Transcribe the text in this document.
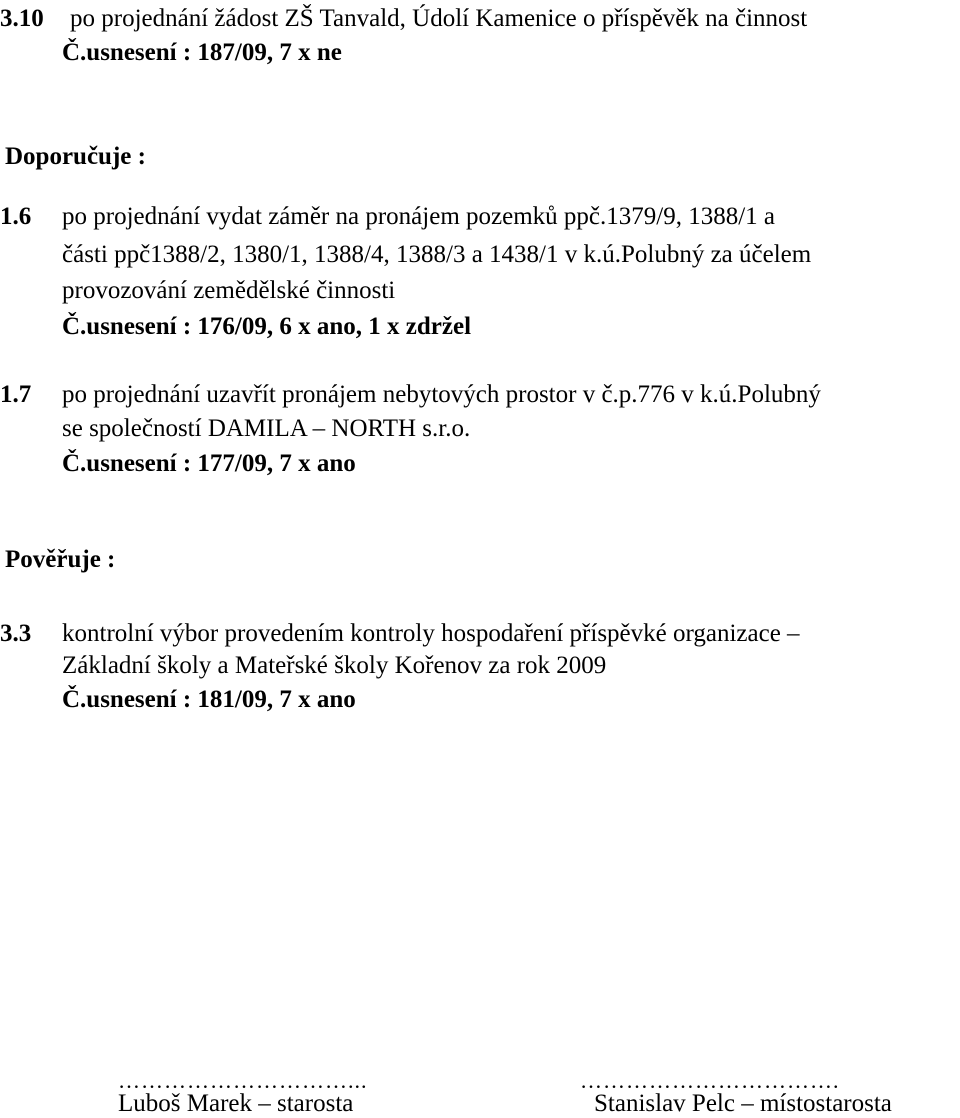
3.10 po projednání žádost ZŠ Tanvald, Údolí Kamenice o příspěvěk na činnost
Č.usnesení : 187/09, 7 x ne
Doporučuje :
1.6 po projednání vydat záměr na pronájem pozemků ppč.1379/9, 1388/1 a
části ppč1388/2, 1380/1, 1388/4, 1388/3 a 1438/1 v k.ú.Polubný za účelem
provozování zemědělské činnosti
Č.usnesení : 176/09, 6 x ano, 1 x zdržel
1.7 po projednání uzavřít pronájem nebytových prostor v č.p.776 v k.ú.Polubný
se společností DAMILA – NORTH s.r.o.
Č.usnesení : 177/09, 7 x ano
Pověřuje :
3.3 kontrolní výbor provedením kontroly hospodaření příspěvké organizace –
Základní školy a Mateřské školy Kořenov za rok 2009
Č.usnesení : 181/09, 7 x ano
…………………………...
Luboš Marek – starosta
…………………………….
Stanislav Pelc – místostarosta
